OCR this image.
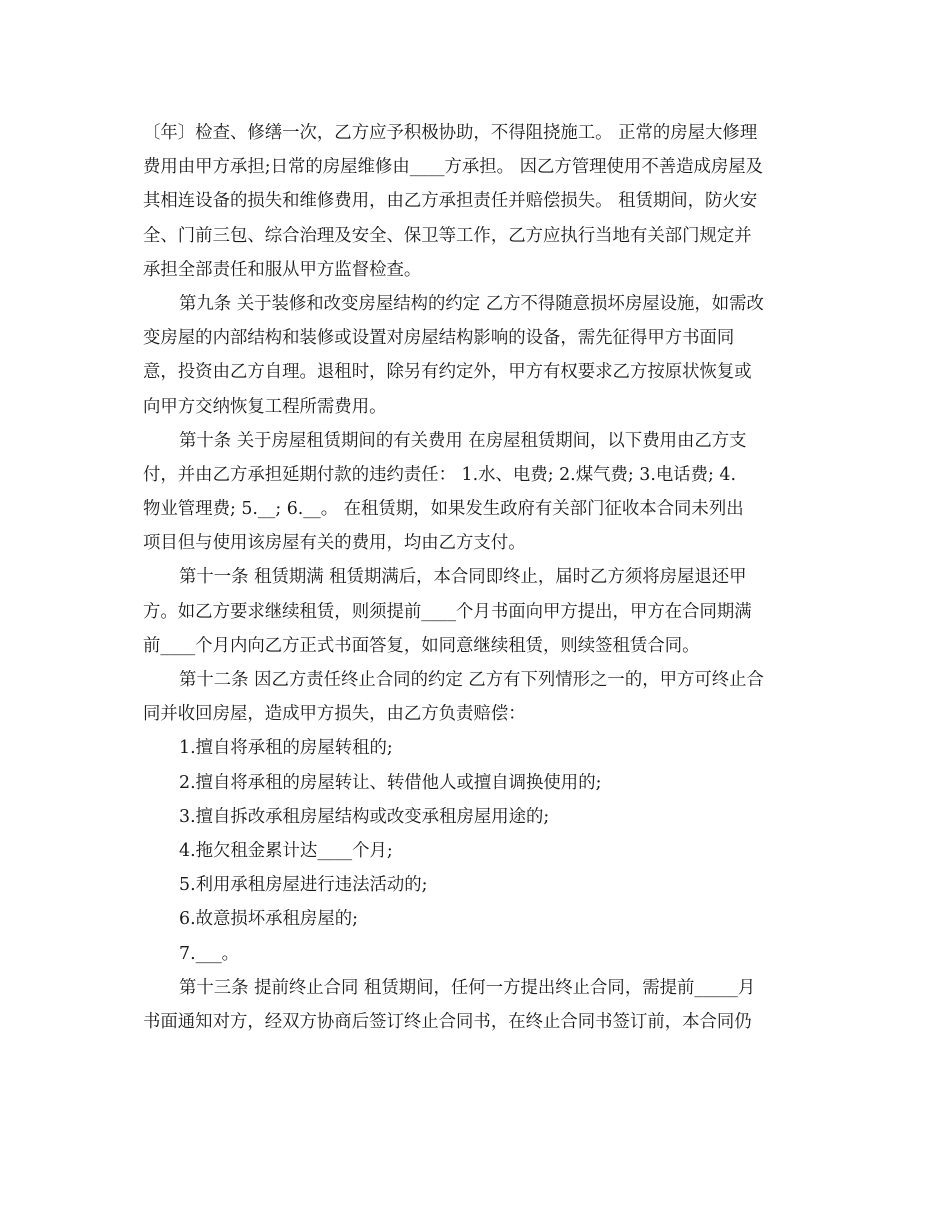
〔年〕检查、修缮一次，乙方应予积极协助，不得阻挠施工。 正常的房屋大修理
费用由甲方承担;日常的房屋维修由____方承担。 因乙方管理使用不善造成房屋及
其相连设备的损失和维修费用，由乙方承担责任并赔偿损失。 租赁期间，防火安
全、门前三包、综合治理及安全、保卫等工作，乙方应执行当地有关部门规定并
承担全部责任和服从甲方监督检查。
第九条 关于装修和改变房屋结构的约定 乙方不得随意损坏房屋设施，如需改
变房屋的内部结构和装修或设置对房屋结构影响的设备，需先征得甲方书面同
意，投资由乙方自理。退租时，除另有约定外，甲方有权要求乙方按原状恢复或
向甲方交纳恢复工程所需费用。
第十条 关于房屋租赁期间的有关费用 在房屋租赁期间，以下费用由乙方支
付，并由乙方承担延期付款的违约责任： 1.水、电费; 2.煤气费; 3.电话费; 4.
物业管理费; 5.__; 6.__。 在租赁期，如果发生政府有关部门征收本合同未列出
项目但与使用该房屋有关的费用，均由乙方支付。
第十一条 租赁期满 租赁期满后，本合同即终止，届时乙方须将房屋退还甲
方。如乙方要求继续租赁，则须提前____个月书面向甲方提出，甲方在合同期满
前____个月内向乙方正式书面答复，如同意继续租赁，则续签租赁合同。
第十二条 因乙方责任终止合同的约定 乙方有下列情形之一的，甲方可终止合
同并收回房屋，造成甲方损失，由乙方负责赔偿：
1.擅自将承租的房屋转租的;
2.擅自将承租的房屋转让、转借他人或擅自调换使用的;
3.擅自拆改承租房屋结构或改变承租房屋用途的;
4.拖欠租金累计达____个月;
5.利用承租房屋进行违法活动的;
6.故意损坏承租房屋的;
7.___。
第十三条 提前终止合同 租赁期间，任何一方提出终止合同，需提前_____月
书面通知对方，经双方协商后签订终止合同书，在终止合同书签订前，本合同仍
